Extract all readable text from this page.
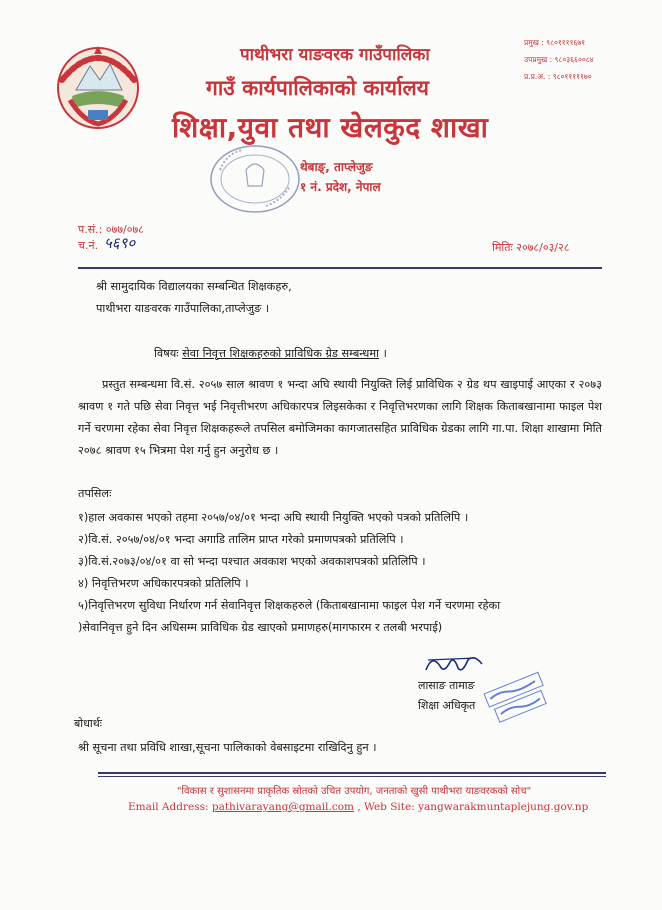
पाथीभरा याङवरक गाउँपालिका
गाउँ कार्यपालिकाको कार्यालय
शिक्षा,युवा तथा खेलकुद शाखा
थेबाङ्, ताप्लेजुङ
१ नं. प्रदेश, नेपाल
प्रमुख : ९८०११११६७१
उपप्रमुख : ९८०३६६००८४
प्र.प्र.अ. : ९८०१११११७०
प.सं.: ०७७/०७८
च.नं. ५६९०	मितिः २०७८/०३/२८
श्री सामुदायिक विद्यालयका सम्बन्धित शिक्षकहरु,
पाथीभरा याङवरक गाउँपालिका,ताप्लेजुङ ।
विषयः सेवा निवृत्त शिक्षकहरुको प्राविधिक ग्रेड सम्बन्धमा ।

प्रस्तुत सम्बन्धमा वि.सं. २०५७ साल श्रावण १ भन्दा अघि स्थायी नियुक्ति लिई प्राविधिक २ ग्रेड थप खाइपाई आएका र २०७३ श्रावण १ गते पछि सेवा निवृत्त भई निवृत्तीभरण अधिकारपत्र लिइसकेका र निवृत्तिभरणका लागि शिक्षक किताबखानामा फाइल पेश गर्ने चरणमा रहेका सेवा निवृत्त शिक्षकहरूले तपसिल बमोजिमका कागजातसहित प्राविधिक ग्रेडका लागि गा.पा. शिक्षा शाखामा मिति २०७८ श्रावण १५ भित्रमा पेश गर्नु हुन अनुरोध छ ।

तपसिलः
१)हाल अवकास भएको तहमा २०५७/०४/०१ भन्दा अघि स्थायी नियुक्ति भएको पत्रको प्रतिलिपि ।
२)वि.सं. २०५७/०४/०१ भन्दा अगाडि तालिम प्राप्त गरेको प्रमाणपत्रको प्रतिलिपि ।
३)वि.सं.२०७३/०४/०१ वा सो भन्दा पश्चात अवकाश भएको अवकाशपत्रको प्रतिलिपि ।
४) निवृत्तिभरण अधिकारपत्रको प्रतिलिपि ।
५)निवृत्तिभरण सुविधा निर्धारण गर्न सेवानिवृत्त शिक्षकहरुले (किताबखानामा फाइल पेश गर्ने चरणमा रहेका
)सेवानिवृत्त हुने दिन अधिसम्म प्राविधिक ग्रेड खाएको प्रमाणहरु(मागफारम र तलबी भरपाई)
लासाङ तामाङ
शिक्षा अधिकृत
बोधार्थः
श्री सूचना तथा प्रविधि शाखा,सूचना पालिकाको वेबसाइटमा राखिदिनु हुन ।
"विकास र सुशासनमा प्राकृतिक स्रोतको उचित उपयोग, जनताको खुसी पाथीभरा याङवरकको सोच"
Email Address: pathivarayang@gmail.com , Web Site: yangwarakmuntaplejung.gov.np
